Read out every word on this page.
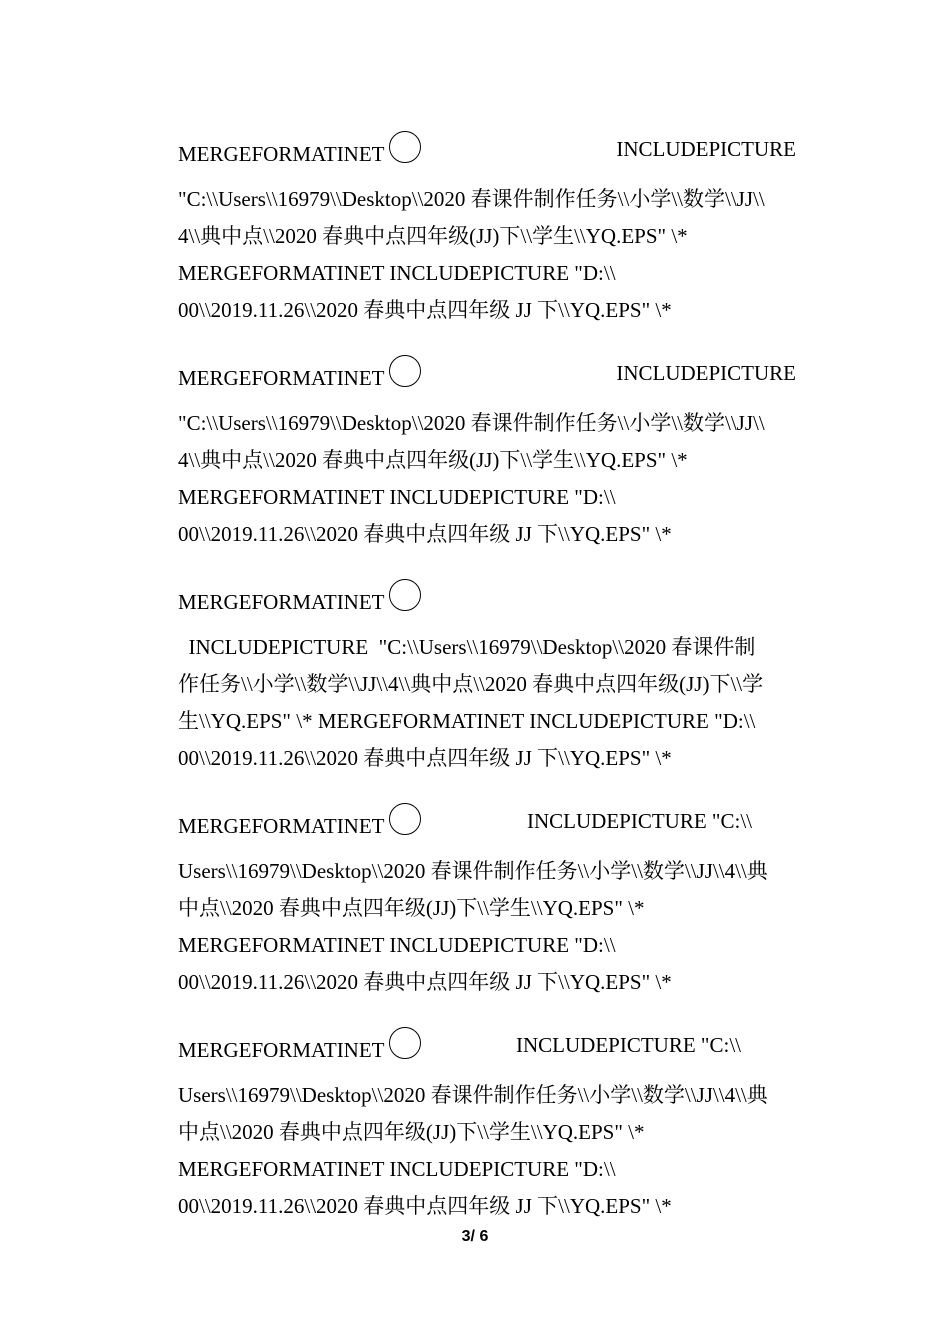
MERGEFORMATINET	INCLUDEPICTURE
"C:\\Users\\16979\\Desktop\\2020 春课件制作任务\\小学\\数学\\JJ\\
4\\典中点\\2020 春典中点四年级(JJ)下\\学生\\YQ.EPS" \*
MERGEFORMATINET INCLUDEPICTURE "D:\\
00\\2019.11.26\\2020 春典中点四年级 JJ 下\\YQ.EPS" \*
MERGEFORMATINET	INCLUDEPICTURE
"C:\\Users\\16979\\Desktop\\2020 春课件制作任务\\小学\\数学\\JJ\\
4\\典中点\\2020 春典中点四年级(JJ)下\\学生\\YQ.EPS" \*
MERGEFORMATINET INCLUDEPICTURE "D:\\
00\\2019.11.26\\2020 春典中点四年级 JJ 下\\YQ.EPS" \*
MERGEFORMATINET
INCLUDEPICTURE  "C:\\Users\\16979\\Desktop\\2020 春课件制
作任务\\小学\\数学\\JJ\\4\\典中点\\2020 春典中点四年级(JJ)下\\学
生\\YQ.EPS" \* MERGEFORMATINET INCLUDEPICTURE "D:\\
00\\2019.11.26\\2020 春典中点四年级 JJ 下\\YQ.EPS" \*
MERGEFORMATINET	INCLUDEPICTURE "C:\\
Users\\16979\\Desktop\\2020 春课件制作任务\\小学\\数学\\JJ\\4\\典
中点\\2020 春典中点四年级(JJ)下\\学生\\YQ.EPS" \*
MERGEFORMATINET INCLUDEPICTURE "D:\\
00\\2019.11.26\\2020 春典中点四年级 JJ 下\\YQ.EPS" \*
MERGEFORMATINET	INCLUDEPICTURE "C:\\
Users\\16979\\Desktop\\2020 春课件制作任务\\小学\\数学\\JJ\\4\\典
中点\\2020 春典中点四年级(JJ)下\\学生\\YQ.EPS" \*
MERGEFORMATINET INCLUDEPICTURE "D:\\
00\\2019.11.26\\2020 春典中点四年级 JJ 下\\YQ.EPS" \*
3/ 6
